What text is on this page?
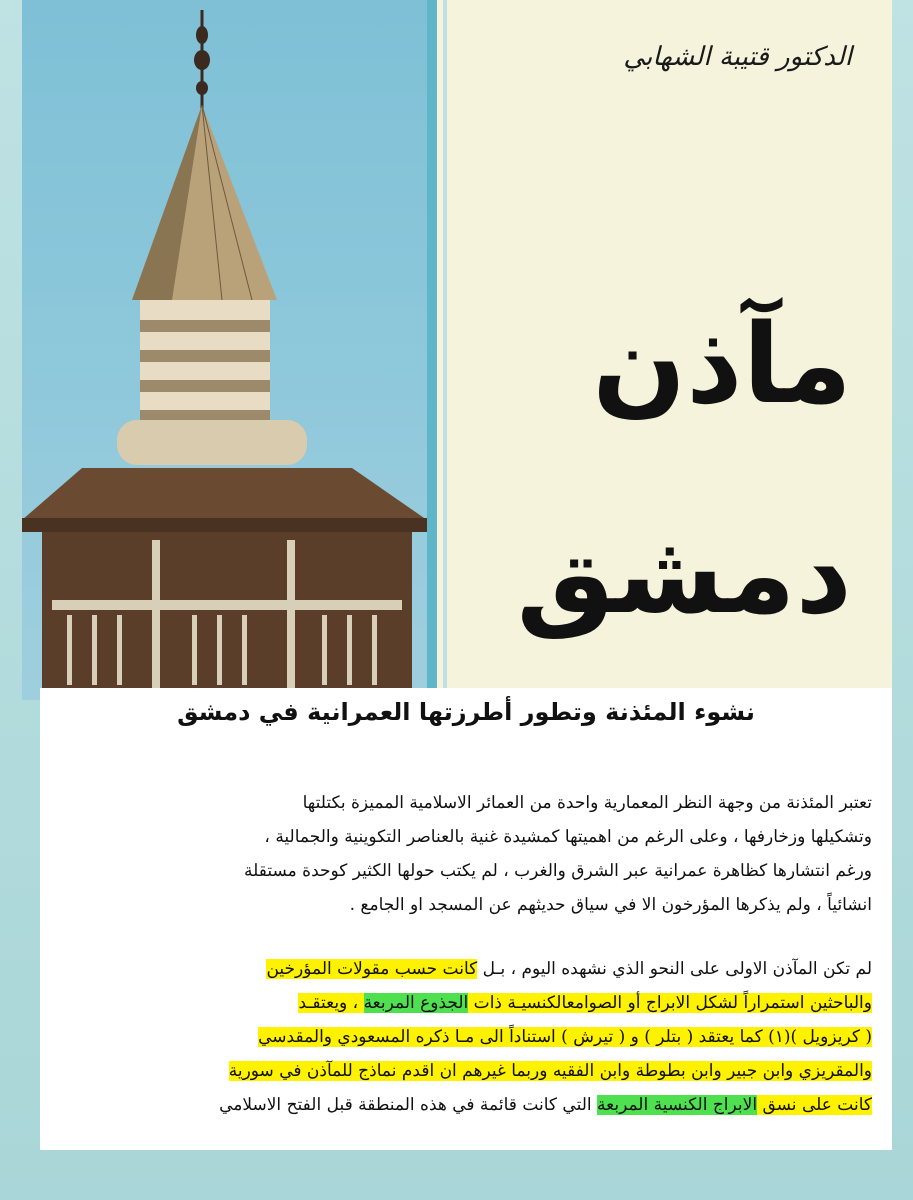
الدكتور قتيبة الشهابي
مآذن
دمشق
نشوء المئذنة وتطور أطرزتها العمرانية في دمشق
تعتبر المئذنة من وجهة النظر المعمارية واحدة من العمائر الاسلامية المميزة بكتلتها
وتشكيلها وزخارفها ، وعلى الرغم من اهميتها كمشيدة غنية بالعناصر التكوينية والجمالية ،
ورغم انتشارها كظاهرة عمرانية عبر الشرق والغرب ، لم يكتب حولها الكثير كوحدة مستقلة
انشائياً ، ولم يذكرها المؤرخون الا في سياق حديثهم عن المسجد او الجامع .
لم تكن المآذن الاولى على النحو الذي نشهده اليوم ، بـل كانت حسب مقولات المؤرخين
والباحثين استمراراً لشكل الابراج أو الصوامعالكنسيـة ذات الجذوع المربعة ، ويعتقـد
( كريزويل )(١) كما يعتقد ( بتلر ) و ( تيرش ) استناداً الى مـا ذكره المسعودي والمقدسي
والمقريزي وابن جبير وابن بطوطة وابن الفقيه وربما غيرهم ان اقدم نماذج للمآذن في سورية
كانت على نسق الابراج الكنسية المربعة التي كانت قائمة في هذه المنطقة قبل الفتح الاسلامي
